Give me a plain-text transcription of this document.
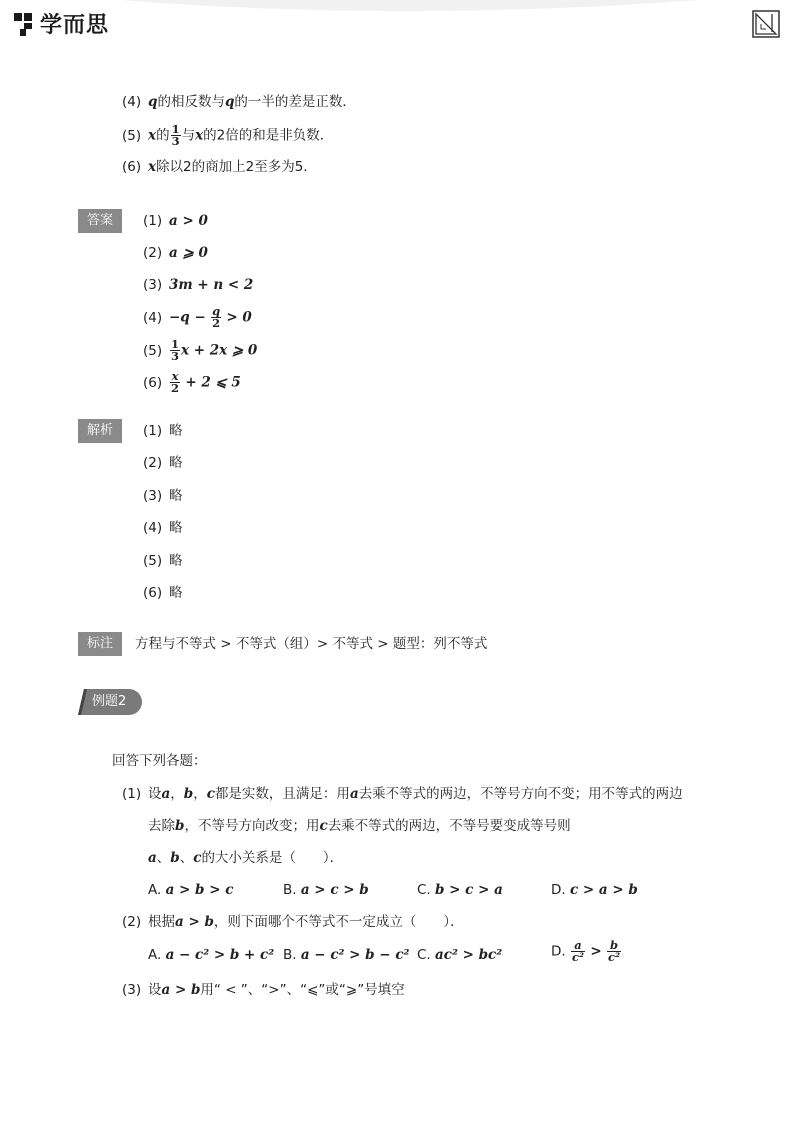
学而思
(4) q的相反数与q的一半的差是正数．
(5) x的 $\frac{1}{3}$ 与x的2倍的和是非负数．
(6) x除以2的商加上2至多为5．
答案	(1) a > 0
(2) a ⩾ 0
(3) 3m + n < 2
$(4) -q - \frac{q}{2} > 0$
$(5) \frac{1}{3}$ x + 2x ⩾ 0
$(6) \frac{x}{2} + 2$ ⩽ 5
解析	(1) 略
(2) 略
(3) 略
(4) 略
(5) 略
(6) 略
标注	方程与不等式 > 不等式（组）> 不等式 > 题型：列不等式
例题2
回答下列各题：
(1) 设a，b，c都是实数，且满足：用a去乘不等式的两边，不等号方向不变；用不等式的两边
去除b，不等号方向改变；用c去乘不等式的两边，不等号要变成等号则
a、b、c的大小关系是（　　）．
A. a > b > c	B. a > c > b	C. b > c > a	D. c > a > b
(2) 根据a > b，则下面哪个不等式不一定成立（　　）．
A. a − c² > b + c² B. a − c² > b − c² C. ac² > bc²	D. $\frac{a}{\text{c²}} > \frac{b}{\text{c²}}$
(3) 设a > b用“ < ”、“>”、“⩽”或“⩾”号填空
